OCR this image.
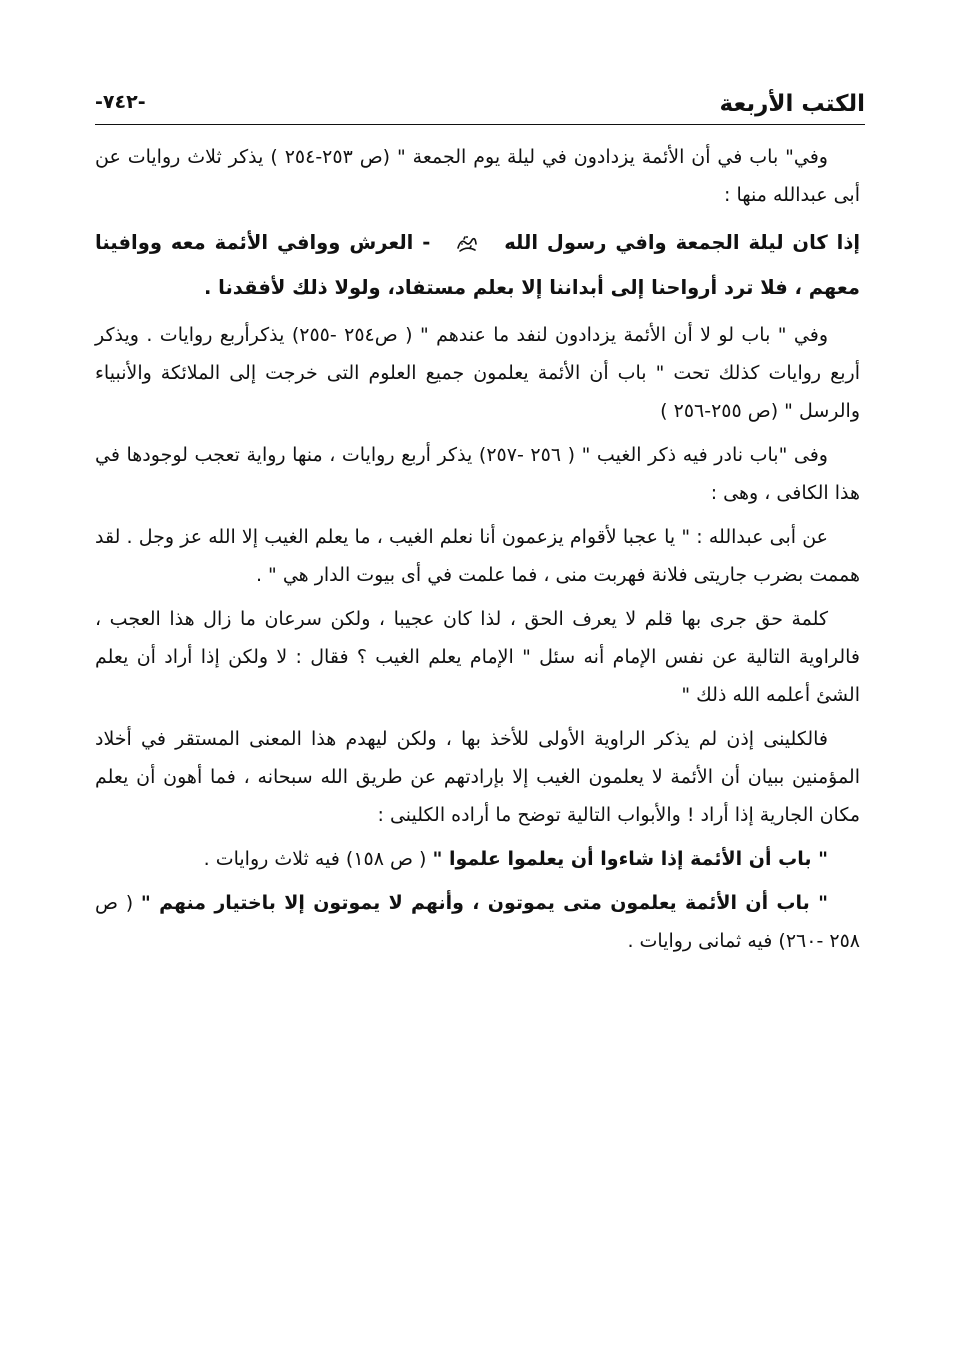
الكتب الأربعة
-٧٤٢-

وفي" باب في أن الأئمة يزدادون في ليلة يوم الجمعة " (ص ٢٥٣-٢٥٤ ) يذكر ثلاث روايات عن أبى عبدالله منها :

إذا كان ليلة الجمعة وافي رسول الله  - العرش ووافي الأئمة معه ووافينا معهم ، فلا ترد أرواحنا إلى أبداننا إلا بعلم مستفاد، ولولا ذلك لأفقدنا .

وفي " باب لو لا أن الأئمة يزدادون لنفد ما عندهم " ( ص٢٥٤ -٢٥٥) يذكرأربع روايات . ويذكر أربع روايات كذلك تحت " باب أن الأئمة يعلمون جميع العلوم التى خرجت إلى الملائكة والأنبياء والرسل " (ص ٢٥٥-٢٥٦ )

وفى "باب نادر فيه ذكر الغيب " ( ٢٥٦ -٢٥٧) يذكر أربع روايات ، منها رواية تعجب لوجودها في هذا الكافى ، وهى :

عن أبى عبدالله : " يا عجبا لأقوام يزعمون أنا نعلم الغيب ، ما يعلم الغيب إلا الله عز وجل . لقد هممت بضرب جاريتى فلانة فهربت منى ، فما علمت في أى بيوت الدار هي " .

كلمة حق جرى بها قلم لا يعرف الحق ، لذا كان عجيبا ، ولكن سرعان ما زال هذا العجب ، فالراوية التالية عن نفس الإمام أنه سئل " الإمام يعلم الغيب ؟ فقال : لا ولكن إذا أراد أن يعلم الشئ أعلمه الله ذلك "

فالكلينى إذن لم يذكر الراوية الأولى للأخذ بها ، ولكن ليهدم هذا المعنى المستقر في أخلاد المؤمنين ببيان أن الأئمة لا يعلمون الغيب إلا بإرادتهم عن طريق الله سبحانه ، فما أهون أن يعلم مكان الجارية إذا أراد ! والأبواب التالية توضح ما أراده الكلينى :

" باب أن الأئمة إذا شاءوا أن يعلموا علموا " ( ص ١٥٨) فيه ثلاث روايات .

" باب أن الأئمة يعلمون متى يموتون ، وأنهم لا يموتون إلا باختيار منهم " ( ص ٢٥٨ -٢٦٠) فيه ثمانى روايات .
